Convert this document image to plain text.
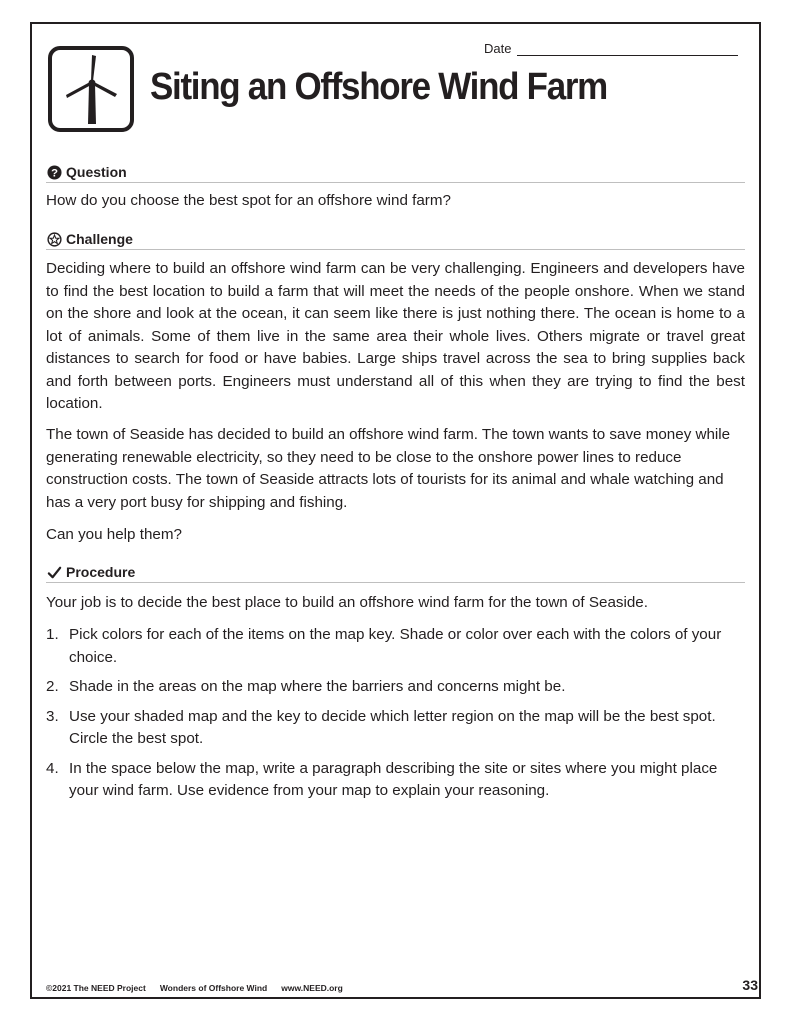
Date
Siting an Offshore Wind Farm
? Question

How do you choose the best spot for an offshore wind farm?

Challenge

Deciding where to build an offshore wind farm can be very challenging. Engineers and developers have to find the best location to build a farm that will meet the needs of the people onshore. When we stand on the shore and look at the ocean, it can seem like there is just nothing there. The ocean is home to a lot of animals. Some of them live in the same area their whole lives. Others migrate or travel great distances to search for food or have babies. Large ships travel across the sea to bring supplies back and forth between ports. Engineers must understand all of this when they are trying to find the best location.

The town of Seaside has decided to build an offshore wind farm. The town wants to save money while generating renewable electricity, so they need to be close to the onshore power lines to reduce construction costs. The town of Seaside attracts lots of tourists for its animal and whale watching and has a very port busy for shipping and fishing.

Can you help them?

Procedure

Your job is to decide the best place to build an offshore wind farm for the town of Seaside.

1. Pick colors for each of the items on the map key. Shade or color over each with the colors of your choice.
2. Shade in the areas on the map where the barriers and concerns might be.
3. Use your shaded map and the key to decide which letter region on the map will be the best spot. Circle the best spot.
4. In the space below the map, write a paragraph describing the site or sites where you might place your wind farm. Use evidence from your map to explain your reasoning.
©2021 The NEED Project Wonders of Offshore Wind www.NEED.org	33
